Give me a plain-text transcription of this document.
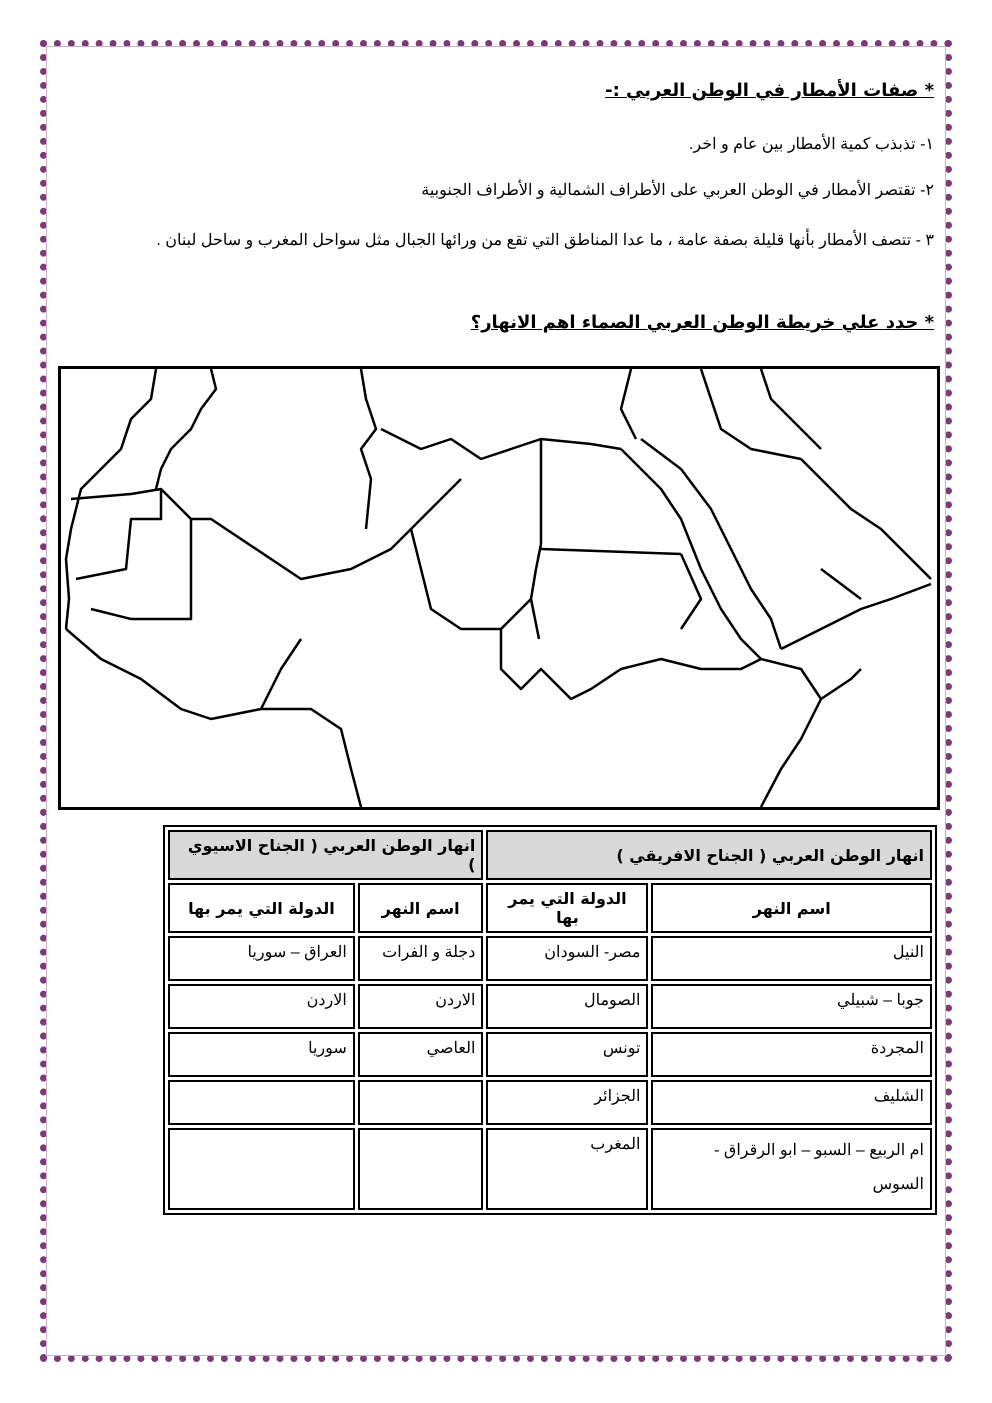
* صفات الأمطار في الوطن العربي :-

١- تذبذب كمية الأمطار بين عام و اخر.

٢- تقتصر الأمطار في الوطن العربي على الأطراف الشمالية و الأطراف الجنوبية

٣ - تتصف الأمطار بأنها قليلة بصفة عامة ، ما عدا المناطق التي تقع من ورائها الجبال مثل سواحل المغرب و ساحل لبنان .

* حدد علي خريطة الوطن العربي الصماء اهم الانهار؟

انهار الوطن العربي ( الجناح الافريقي )		انهار الوطن العربي ( الجناح الاسيوي )	
اسم النهر	الدولة التي يمر بها	اسم النهر	الدولة التي يمر بها
النيل	مصر- السودان	دجلة و الفرات	العراق – سوريا
جوبا – شبيلي	الصومال	الاردن	الاردن
المجردة	تونس	العاصي	سوريا
الشليف	الجزائر		
ام الربيع – السبو – ابو الرقراق - السوس	المغرب		
